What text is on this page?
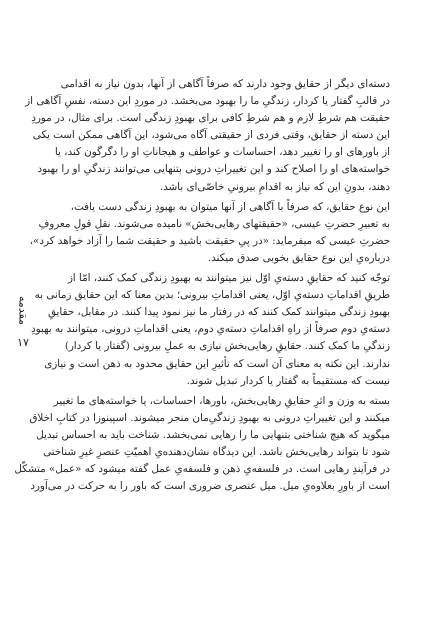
مقدمه
۱۷
دسته‌ای دیگر از حقایق وجود دارند که صرفاً آگاهی از آنها، بدون نیاز به اقدامی
در قالبِ گفتار یا کردار، زندگیِ ما را بهبود می‌بخشد. در موردِ این دسته، نفسِ آگاهی از
حقیقت هم شرطِ لازم و هم شرطِ کافی برای بهبودِ زندگی است. برای مثال، در موردِ
این دسته از حقایق، وقتی فردی از حقیقتی آگاه می‌شود، این آگاهی ممکن است یکی
از باورهای او را تغییر دهد، احساسات و عواطف و هیجاناتِ او را دگرگون کند، یا
خواسته‌های او را اصلاح کند و این تغییراتِ درونی بتنهایی می‌توانند زندگیِ او را بهبود
دهند، بدونِ این که نیاز به اقدامِ بیرونیِ خاصّی‌ای باشد.
این نوع حقایق، که صرفاً با آگاهی از آنها میتوان به بهبودِ زندگی دست یافت،
به تعبیرِ حضرتِ عیسی، «حقیقتهای رهایی‌بخش» نامیده می‌شوند. نقلِ قولِ معروفِ
حضرتِ عیسی که میفرماید: «در پیِ حقیقت باشید و حقیقت شما را آزاد خواهد کرد»،
درباره‌یِ این نوع حقایق بخوبی صدق میکند.
توجّه کنید که حقایقِ دسته‌یِ اوّل نیز میتوانند به بهبودِ زندگی کمک کنند، امّا از
طریقِ اقداماتِ دسته‌یِ اوّل، یعنی اقداماتِ بیرونی؛ بدین معنا که این حقایق زمانی به
بهبودِ زندگی میتوانند کمک کنند که در رفتار ما نیز نمود پیدا کنند. در مقابل، حقایقِ
دسته‌یِ دوم صرفاً از راهِ اقداماتِ دسته‌یِ دوم، یعنی اقداماتِ درونی، میتوانند به بهبودِ
زندگیِ ما کمک کنند. حقایقِ رهایی‌بخش نیازی به عملِ بیرونی (گفتار یا کردار)
ندارند. این نکته به معنای آن است که تأثیرِ این حقایق محدود به ذهن است و نیازی
نیست که مستقیماً به گفتار یا کردار تبدیل شوند.
بسته به وزن و اثرِ حقایقِ رهایی‌بخش، باورها، احساسات، یا خواسته‌های ما تغییر
میکنند و این تغییراتِ درونی به بهبودِ زندگیِ‌مان منجر میشوند. اسپینوزا در کتابِ اخلاق
میگوید که هیچ شناختی بتنهایی ما را رهایی نمی‌بخشد. شناخت باید به احساس تبدیل
شود تا بتواند رهایی‌بخش باشد. این دیدگاه نشان‌دهنده‌یِ اهمیّتِ عنصرِ غیرِ شناختی
در فرآیندِ رهایی است. در فلسفه‌یِ ذهن و فلسفه‌یِ عمل گفته میشود که «عمل» متشکّل
است از باورِ بعلاوه‌یِ میل. میل عنصری ضروری است که باور را به حرکت در می‌آورد
